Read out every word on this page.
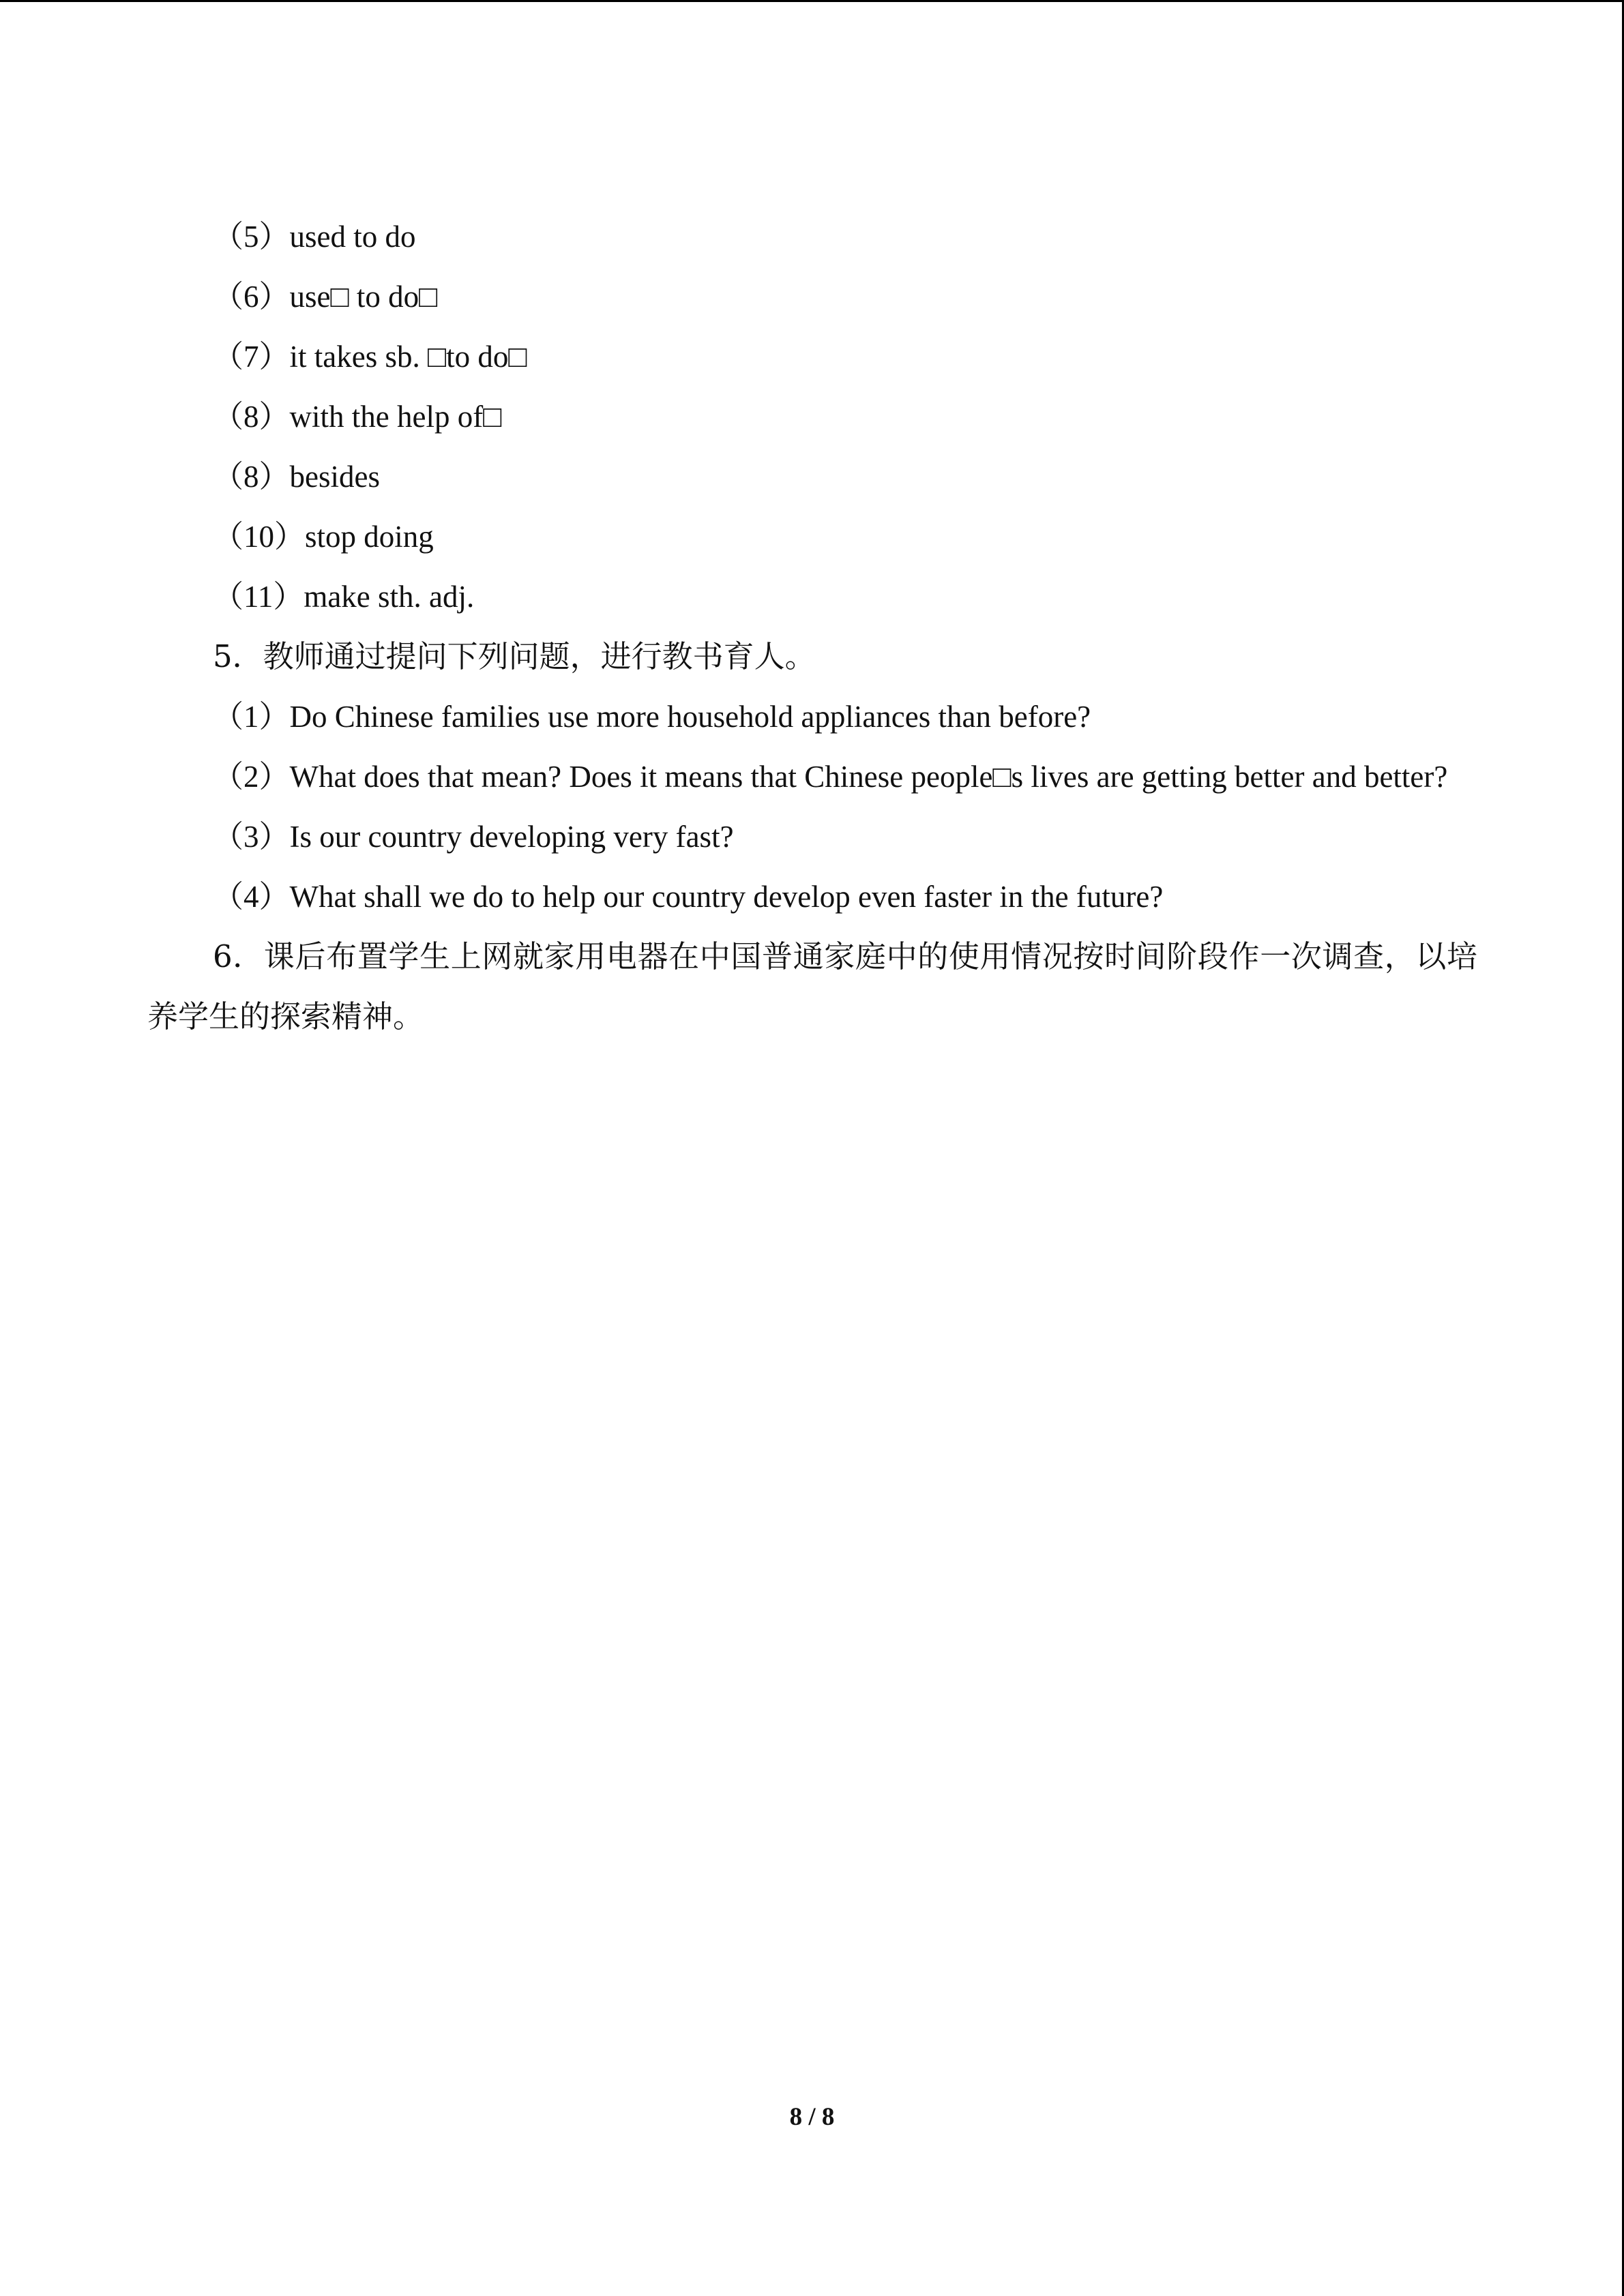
（5）used to do

（6）use□ to do□

（7）it takes sb. □to do□

（8）with the help of□

（8）besides

（10）stop doing

（11）make sth. adj.

5．教师通过提问下列问题，进行教书育人。

（1）Do Chinese families use more household appliances than before?

（2）What does that mean? Does it means that Chinese people□s lives are getting better and better?

（3）Is our country developing very fast?

（4）What shall we do to help our country develop even faster in the future?

6．课后布置学生上网就家用电器在中国普通家庭中的使用情况按时间阶段作一次调查，以培养学生的探索精神。

8 / 8
